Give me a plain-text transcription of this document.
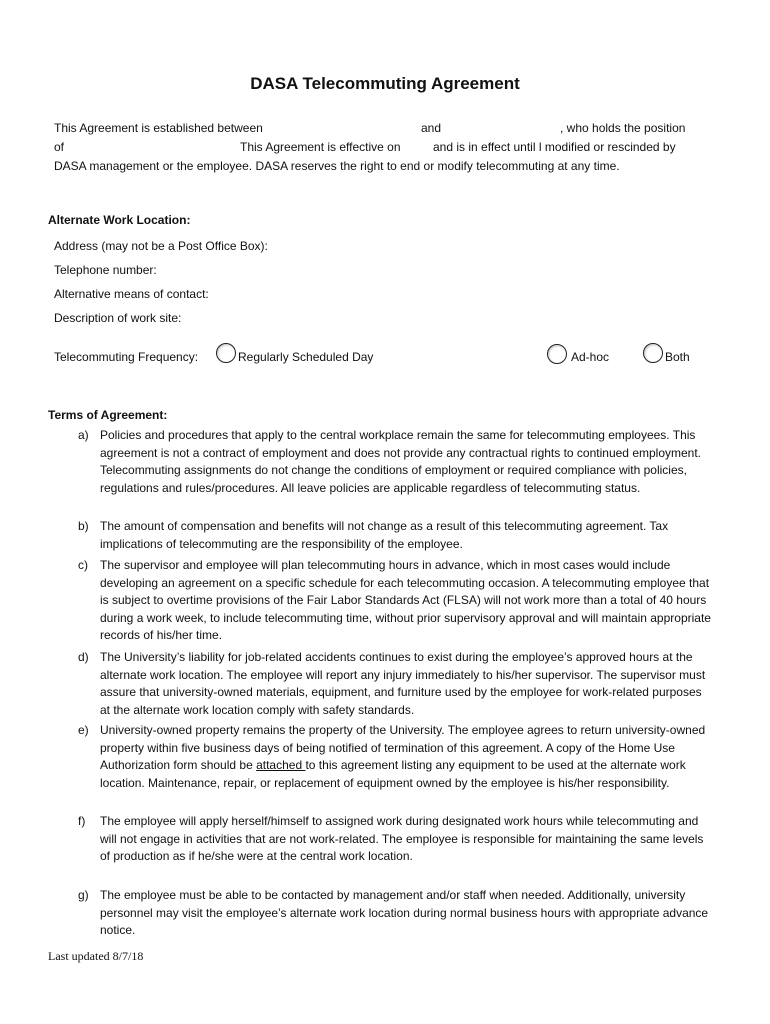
DASA Telecommuting Agreement
This Agreement is established between	and	, who holds the position
of	This Agreement is effective on	and is in effect until l modified or rescinded by
DASA management or the employee. DASA reserves the right to end or modify telecommuting at any time.
Alternate Work Location:
Address (may not be a Post Office Box):
Telephone number:
Alternative means of contact:
Description of work site:
Telecommuting Frequency:	Regularly Scheduled Day	Ad-hoc	Both
Terms of Agreement:
a) Policies and procedures that apply to the central workplace remain the same for telecommuting employees. This agreement is not a contract of employment and does not provide any contractual rights to continued employment. Telecommuting assignments do not change the conditions of employment or required compliance with policies, regulations and rules/procedures. All leave policies are applicable regardless of telecommuting status.
b) The amount of compensation and benefits will not change as a result of this telecommuting agreement. Tax implications of telecommuting are the responsibility of the employee.
c) The supervisor and employee will plan telecommuting hours in advance, which in most cases would include developing an agreement on a specific schedule for each telecommuting occasion. A telecommuting employee that is subject to overtime provisions of the Fair Labor Standards Act (FLSA) will not work more than a total of 40 hours during a work week, to include telecommuting time, without prior supervisory approval and will maintain appropriate records of his/her time.
d) The University’s liability for job-related accidents continues to exist during the employee’s approved hours at the alternate work location. The employee will report any injury immediately to his/her supervisor. The supervisor must assure that university-owned materials, equipment, and furniture used by the employee for work-related purposes at the alternate work location comply with safety standards.
e) University-owned property remains the property of the University. The employee agrees to return university-owned property within five business days of being notified of termination of this agreement. A copy of the Home Use Authorization form should be attached to this agreement listing any equipment to be used at the alternate work location. Maintenance, repair, or replacement of equipment owned by the employee is his/her responsibility.
f) The employee will apply herself/himself to assigned work during designated work hours while telecommuting and will not engage in activities that are not work-related. The employee is responsible for maintaining the same levels of production as if he/she were at the central work location.
g) The employee must be able to be contacted by management and/or staff when needed. Additionally, university personnel may visit the employee’s alternate work location during normal business hours with appropriate advance notice.
Last updated 8/7/18
